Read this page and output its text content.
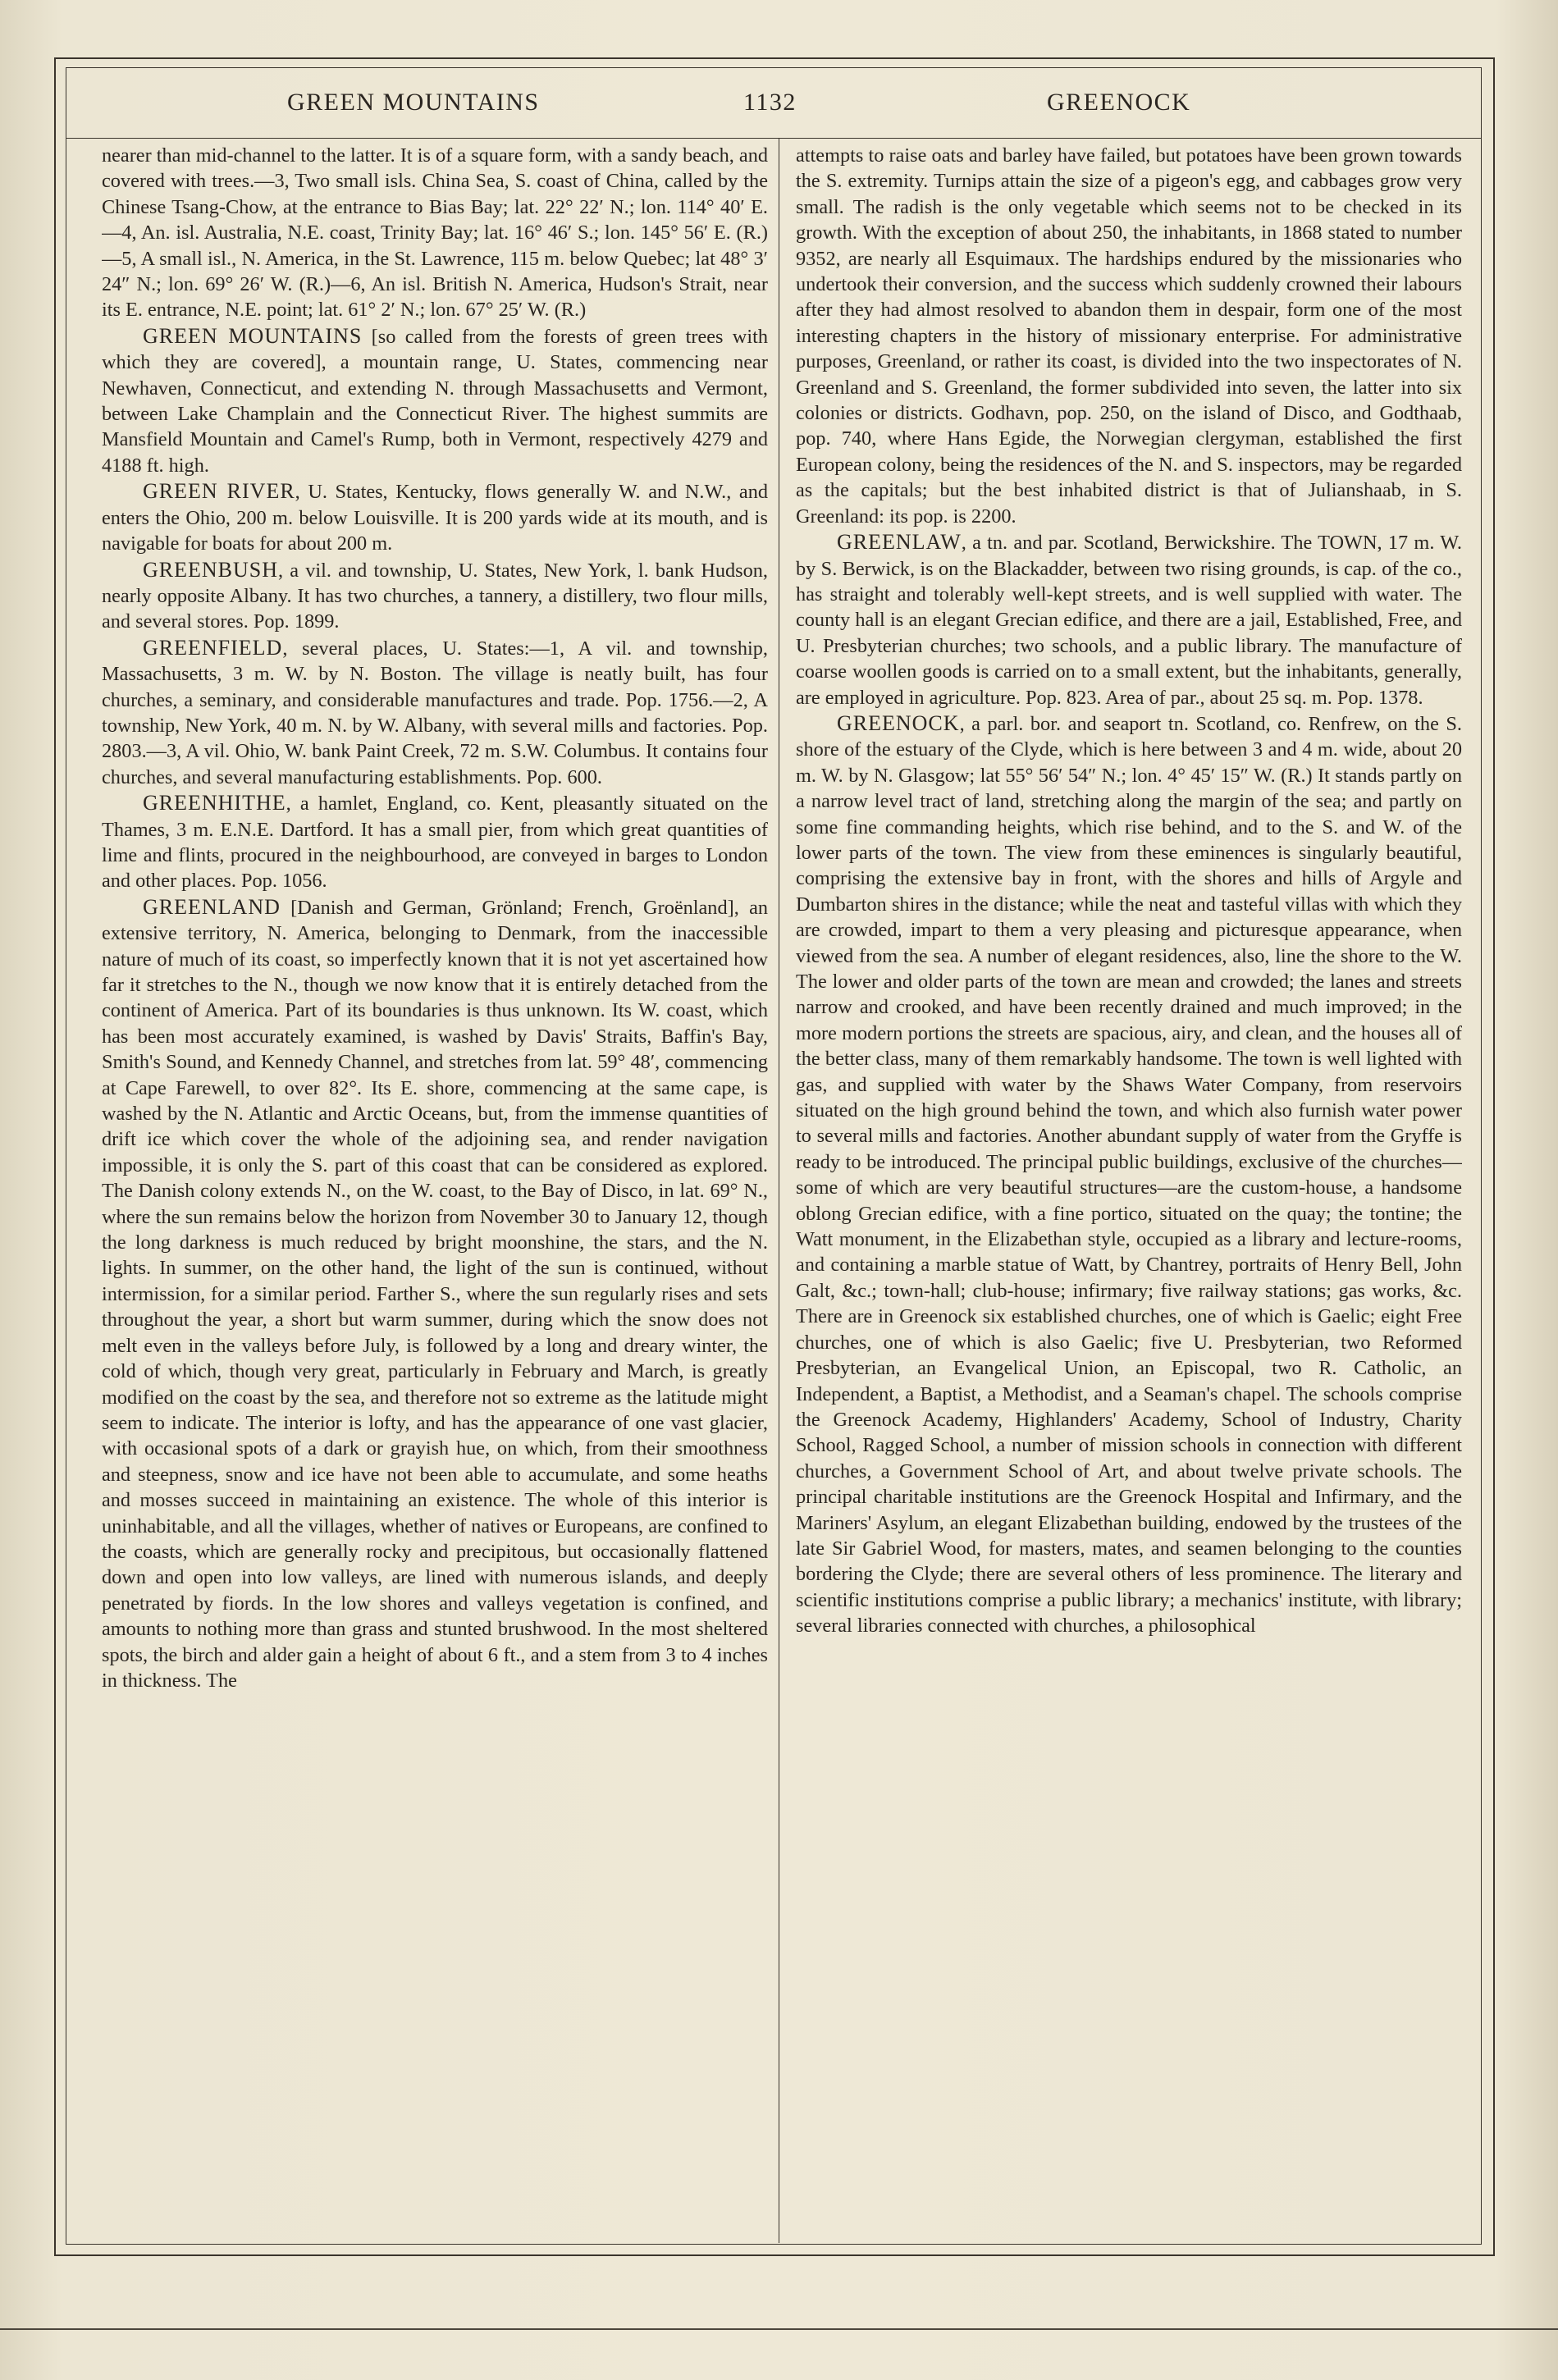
GREEN MOUNTAINS	1132	GREENOCK

nearer than mid-channel to the latter. It is of a square form, with a sandy beach, and covered with trees.—3, Two small isls. China Sea, S. coast of China, called by the Chinese Tsang-Chow, at the entrance to Bias Bay; lat. 22° 22′ N.; lon. 114° 40′ E.—4, An. isl. Australia, N.E. coast, Trinity Bay; lat. 16° 46′ S.; lon. 145° 56′ E. (R.)—5, A small isl., N. America, in the St. Lawrence, 115 m. below Quebec; lat 48° 3′ 24″ N.; lon. 69° 26′ W. (R.)—6, An isl. British N. America, Hudson's Strait, near its E. entrance, N.E. point; lat. 61° 2′ N.; lon. 67° 25′ W. (R.)

GREEN MOUNTAINS [so called from the forests of green trees with which they are covered], a mountain range, U. States, commencing near Newhaven, Connecticut, and extending N. through Massachusetts and Vermont, between Lake Champlain and the Connecticut River. The highest summits are Mansfield Mountain and Camel's Rump, both in Vermont, respectively 4279 and 4188 ft. high.

GREEN RIVER, U. States, Kentucky, flows generally W. and N.W., and enters the Ohio, 200 m. below Louisville. It is 200 yards wide at its mouth, and is navigable for boats for about 200 m.

GREENBUSH, a vil. and township, U. States, New York, l. bank Hudson, nearly opposite Albany. It has two churches, a tannery, a distillery, two flour mills, and several stores. Pop. 1899.

GREENFIELD, several places, U. States:—1, A vil. and township, Massachusetts, 3 m. W. by N. Boston. The village is neatly built, has four churches, a seminary, and considerable manufactures and trade. Pop. 1756.—2, A township, New York, 40 m. N. by W. Albany, with several mills and factories. Pop. 2803.—3, A vil. Ohio, W. bank Paint Creek, 72 m. S.W. Columbus. It contains four churches, and several manufacturing establishments. Pop. 600.

GREENHITHE, a hamlet, England, co. Kent, pleasantly situated on the Thames, 3 m. E.N.E. Dartford. It has a small pier, from which great quantities of lime and flints, procured in the neighbourhood, are conveyed in barges to London and other places. Pop. 1056.

GREENLAND [Danish and German, Grönland; French, Groënland], an extensive territory, N. America, belonging to Denmark, from the inaccessible nature of much of its coast, so imperfectly known that it is not yet ascertained how far it stretches to the N., though we now know that it is entirely detached from the continent of America. Part of its boundaries is thus unknown. Its W. coast, which has been most accurately examined, is washed by Davis' Straits, Baffin's Bay, Smith's Sound, and Kennedy Channel, and stretches from lat. 59° 48′, commencing at Cape Farewell, to over 82°. Its E. shore, commencing at the same cape, is washed by the N. Atlantic and Arctic Oceans, but, from the immense quantities of drift ice which cover the whole of the adjoining sea, and render navigation impossible, it is only the S. part of this coast that can be considered as explored. The Danish colony extends N., on the W. coast, to the Bay of Disco, in lat. 69° N., where the sun remains below the horizon from November 30 to January 12, though the long darkness is much reduced by bright moonshine, the stars, and the N. lights. In summer, on the other hand, the light of the sun is continued, without intermission, for a similar period. Farther S., where the sun regularly rises and sets throughout the year, a short but warm summer, during which the snow does not melt even in the valleys before July, is followed by a long and dreary winter, the cold of which, though very great, particularly in February and March, is greatly modified on the coast by the sea, and therefore not so extreme as the latitude might seem to indicate. The interior is lofty, and has the appearance of one vast glacier, with occasional spots of a dark or grayish hue, on which, from their smoothness and steepness, snow and ice have not been able to accumulate, and some heaths and mosses succeed in maintaining an existence. The whole of this interior is uninhabitable, and all the villages, whether of natives or Europeans, are confined to the coasts, which are generally rocky and precipitous, but occasionally flattened down and open into low valleys, are lined with numerous islands, and deeply penetrated by fiords. In the low shores and valleys vegetation is confined, and amounts to nothing more than grass and stunted brushwood. In the most sheltered spots, the birch and alder gain a height of about 6 ft., and a stem from 3 to 4 inches in thickness. The

attempts to raise oats and barley have failed, but potatoes have been grown towards the S. extremity. Turnips attain the size of a pigeon's egg, and cabbages grow very small. The radish is the only vegetable which seems not to be checked in its growth. With the exception of about 250, the inhabitants, in 1868 stated to number 9352, are nearly all Esquimaux. The hardships endured by the missionaries who undertook their conversion, and the success which suddenly crowned their labours after they had almost resolved to abandon them in despair, form one of the most interesting chapters in the history of missionary enterprise. For administrative purposes, Greenland, or rather its coast, is divided into the two inspectorates of N. Greenland and S. Greenland, the former subdivided into seven, the latter into six colonies or districts. Godhavn, pop. 250, on the island of Disco, and Godthaab, pop. 740, where Hans Egide, the Norwegian clergyman, established the first European colony, being the residences of the N. and S. inspectors, may be regarded as the capitals; but the best inhabited district is that of Julianshaab, in S. Greenland: its pop. is 2200.

GREENLAW, a tn. and par. Scotland, Berwickshire. The TOWN, 17 m. W. by S. Berwick, is on the Blackadder, between two rising grounds, is cap. of the co., has straight and tolerably well-kept streets, and is well supplied with water. The county hall is an elegant Grecian edifice, and there are a jail, Established, Free, and U. Presbyterian churches; two schools, and a public library. The manufacture of coarse woollen goods is carried on to a small extent, but the inhabitants, generally, are employed in agriculture. Pop. 823. Area of par., about 25 sq. m. Pop. 1378.

GREENOCK, a parl. bor. and seaport tn. Scotland, co. Renfrew, on the S. shore of the estuary of the Clyde, which is here between 3 and 4 m. wide, about 20 m. W. by N. Glasgow; lat 55° 56′ 54″ N.; lon. 4° 45′ 15″ W. (R.) It stands partly on a narrow level tract of land, stretching along the margin of the sea; and partly on some fine commanding heights, which rise behind, and to the S. and W. of the lower parts of the town. The view from these eminences is singularly beautiful, comprising the extensive bay in front, with the shores and hills of Argyle and Dumbarton shires in the distance; while the neat and tasteful villas with which they are crowded, impart to them a very pleasing and picturesque appearance, when viewed from the sea. A number of elegant residences, also, line the shore to the W. The lower and older parts of the town are mean and crowded; the lanes and streets narrow and crooked, and have been recently drained and much improved; in the more modern portions the streets are spacious, airy, and clean, and the houses all of the better class, many of them remarkably handsome. The town is well lighted with gas, and supplied with water by the Shaws Water Company, from reservoirs situated on the high ground behind the town, and which also furnish water power to several mills and factories. Another abundant supply of water from the Gryffe is ready to be introduced. The principal public buildings, exclusive of the churches—some of which are very beautiful structures—are the custom-house, a handsome oblong Grecian edifice, with a fine portico, situated on the quay; the tontine; the Watt monument, in the Elizabethan style, occupied as a library and lecture-rooms, and containing a marble statue of Watt, by Chantrey, portraits of Henry Bell, John Galt, &c.; town-hall; club-house; infirmary; five railway stations; gas works, &c. There are in Greenock six established churches, one of which is Gaelic; eight Free churches, one of which is also Gaelic; five U. Presbyterian, two Reformed Presbyterian, an Evangelical Union, an Episcopal, two R. Catholic, an Independent, a Baptist, a Methodist, and a Seaman's chapel. The schools comprise the Greenock Academy, Highlanders' Academy, School of Industry, Charity School, Ragged School, a number of mission schools in connection with different churches, a Government School of Art, and about twelve private schools. The principal charitable institutions are the Greenock Hospital and Infirmary, and the Mariners' Asylum, an elegant Elizabethan building, endowed by the trustees of the late Sir Gabriel Wood, for masters, mates, and seamen belonging to the counties bordering the Clyde; there are several others of less prominence. The literary and scientific institutions comprise a public library; a mechanics' institute, with library; several libraries connected with churches, a philosophical
